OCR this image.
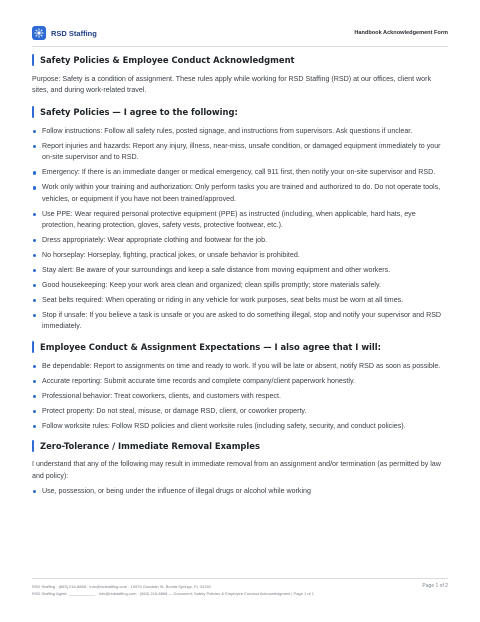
RSD Staffing	Handbook Acknowledgement Form
Safety Policies & Employee Conduct Acknowledgment

Purpose: Safety is a condition of assignment. These rules apply while working for RSD Staffing (RSD) at our offices, client work sites, and during work-related travel.

Safety Policies — I agree to the following:
Follow instructions: Follow all safety rules, posted signage, and instructions from supervisors. Ask questions if unclear.
Report injuries and hazards: Report any injury, illness, near-miss, unsafe condition, or damaged equipment immediately to your on-site supervisor and to RSD.
Emergency: If there is an immediate danger or medical emergency, call 911 first, then notify your on-site supervisor and RSD.
Work only within your training and authorization: Only perform tasks you are trained and authorized to do. Do not operate tools, vehicles, or equipment if you have not been trained/approved.
Use PPE: Wear required personal protective equipment (PPE) as instructed (including, when applicable, hard hats, eye protection, hearing protection, gloves, safety vests, protective footwear, etc.).
Dress appropriately: Wear appropriate clothing and footwear for the job.
No horseplay: Horseplay, fighting, practical jokes, or unsafe behavior is prohibited.
Stay alert: Be aware of your surroundings and keep a safe distance from moving equipment and other workers.
Good housekeeping: Keep your work area clean and organized; clean spills promptly; store materials safely.
Seat belts required: When operating or riding in any vehicle for work purposes, seat belts must be worn at all times.
Stop if unsafe: If you believe a task is unsafe or you are asked to do something illegal, stop and notify your supervisor and RSD immediately.
Employee Conduct & Assignment Expectations — I also agree that I will:
Be dependable: Report to assignments on time and ready to work. If you will be late or absent, notify RSD as soon as possible.
Accurate reporting: Submit accurate time records and complete company/client paperwork honestly.
Professional behavior: Treat coworkers, clients, and customers with respect.
Protect property: Do not steal, misuse, or damage RSD, client, or coworker property.
Follow worksite rules: Follow RSD policies and client worksite rules (including safety, security, and conduct policies).
Zero-Tolerance / Immediate Removal Examples

I understand that any of the following may result in immediate removal from an assignment and/or termination (as permitted by law and policy):

Use, possession, or being under the influence of illegal drugs or alcohol while working
RSD Staffing · (863) 216-8868 · info@rsdstaffing.com · 10575 Goodwin St, Bonita Springs, FL 34135	Page 1 of 2
RSD Staffing Agent: ____________ · info@rsdstaffing.com · (863) 216-8868 — Document: Safety Policies & Employee Conduct Acknowledgment | Page 1 of 1
